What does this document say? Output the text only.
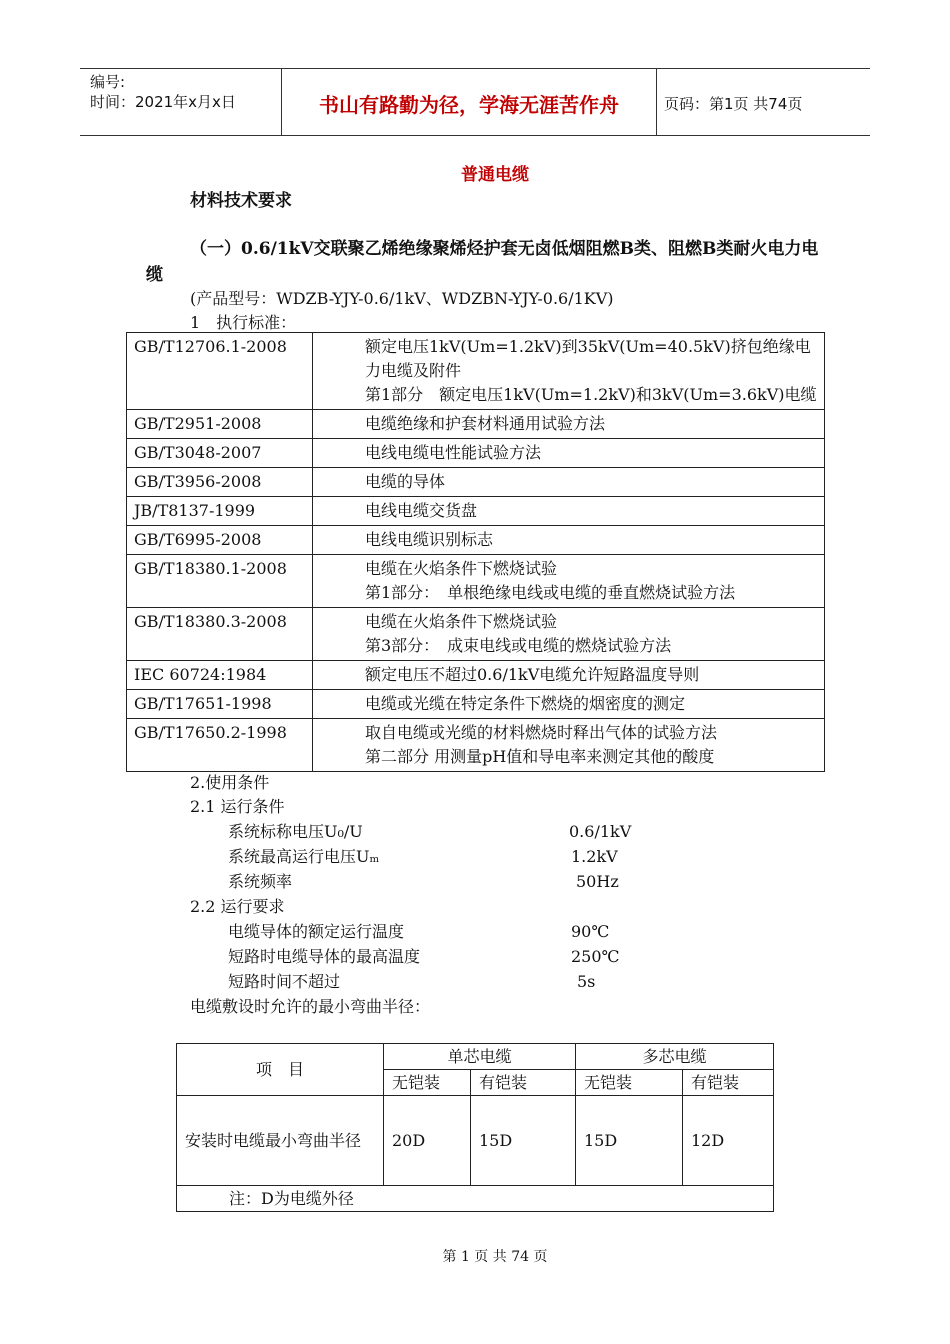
编号:
时间：2021年x月x日	书山有路勤为径，学海无涯苦作舟	页码：第1页 共74页
普通电缆
材料技术要求
（一）0.6/1kV交联聚乙烯绝缘聚烯烃护套无卤低烟阻燃B类、阻燃B类耐火电力电缆
(产品型号：WDZB-YJY-0.6/1kV、WDZBN-YJY-0.6/1KV)
1　执行标准：
GB/T12706.1-2008	额定电压1kV(Um=1.2kV)到35kV(Um=40.5kV)挤包绝缘电力电缆及附件
第1部分　额定电压1kV(Um=1.2kV)和3kV(Um=3.6kV)电缆

GB/T2951-2008	电缆绝缘和护套材料通用试验方法

GB/T3048-2007	电线电缆电性能试验方法

GB/T3956-2008	电缆的导体

JB/T8137-1999	电线电缆交货盘

GB/T6995-2008	电线电缆识别标志

GB/T18380.1-2008	电缆在火焰条件下燃烧试验
第1部分：　单根绝缘电线或电缆的垂直燃烧试验方法

GB/T18380.3-2008	电缆在火焰条件下燃烧试验
第3部分：　成束电线或电缆的燃烧试验方法

IEC 60724:1984	额定电压不超过0.6/1kV电缆允许短路温度导则

GB/T17651-1998	电缆或光缆在特定条件下燃烧的烟密度的测定

GB/T17650.2-1998	取自电缆或光缆的材料燃烧时释出气体的试验方法
第二部分 用测量pH值和导电率来测定其他的酸度
2.使用条件
2.1 运行条件
系统标称电压U₀/U	0.6/1kV
系统最高运行电压Uₘ	1.2kV
系统频率	50Hz
2.2 运行要求
电缆导体的额定运行温度	90℃
短路时电缆导体的最高温度	250℃
短路时间不超过	5s
电缆敷设时允许的最小弯曲半径：
项　目	单芯电缆		多芯电缆	
	无铠装	有铠装	无铠装	有铠装
安装时电缆最小弯曲半径	20D	15D	15D	12D
注：D为电缆外径				
第 1 页 共 74 页
